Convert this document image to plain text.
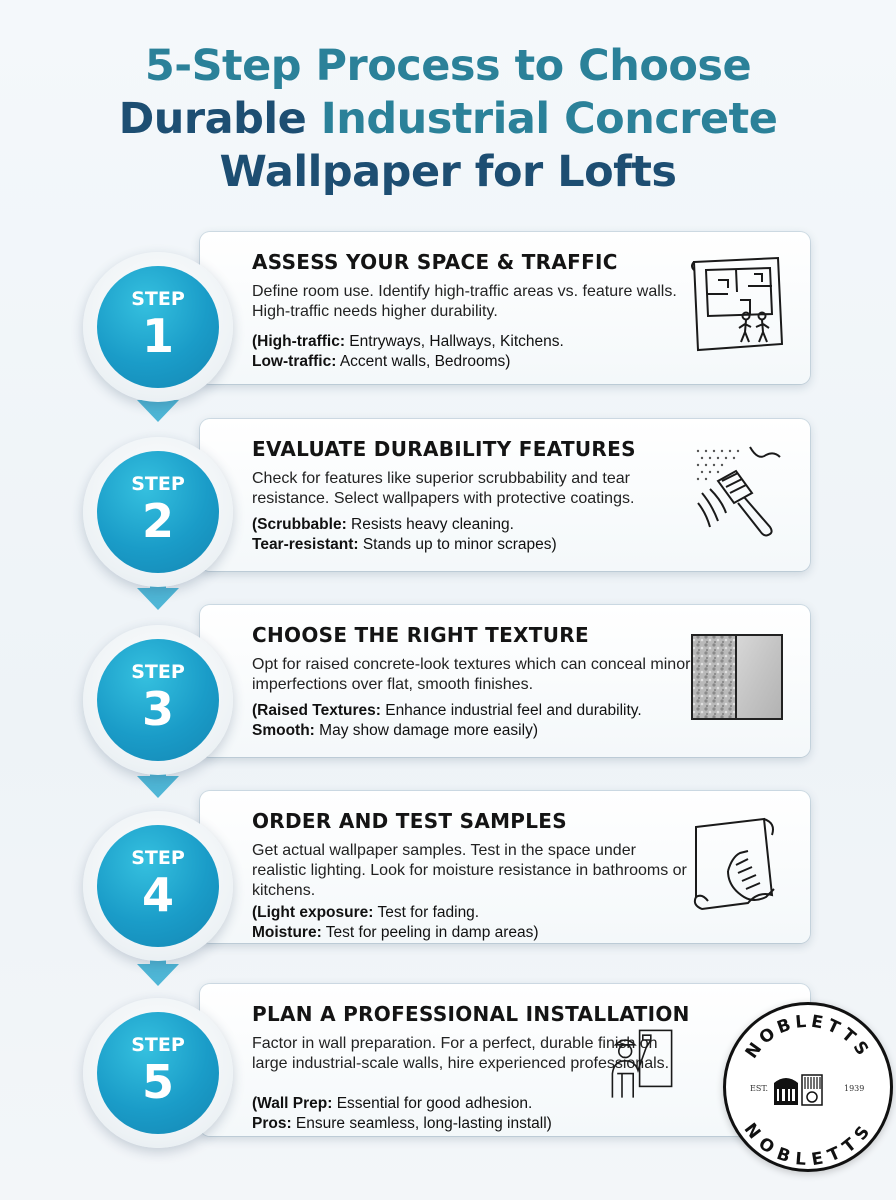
5-Step Process to Choose
Durable Industrial Concrete
Wallpaper for Lofts
ASSESS YOUR SPACE & TRAFFIC
Define room use. Identify high-traffic areas vs. feature walls. High-traffic needs higher durability.
(High-traffic: Entryways, Hallways, Kitchens.
Low-traffic: Accent walls, Bedrooms)
STEP
1
EVALUATE DURABILITY FEATURES
Check for features like superior scrubbability and tear resistance. Select wallpapers with protective coatings.
(Scrubbable: Resists heavy cleaning.
Tear-resistant: Stands up to minor scrapes)
STEP
2
CHOOSE THE RIGHT TEXTURE
Opt for raised concrete-look textures which can conceal minor imperfections over flat, smooth finishes.
(Raised Textures: Enhance industrial feel and durability.
Smooth: May show damage more easily)
STEP
3
ORDER AND TEST SAMPLES
Get actual wallpaper samples. Test in the space under realistic lighting. Look for moisture resistance in bathrooms or kitchens.
(Light exposure: Test for fading.
Moisture: Test for peeling in damp areas)
STEP
4
PLAN A PROFESSIONAL INSTALLATION
Factor in wall preparation. For a perfect, durable finish on large industrial-scale walls, hire experienced professionals.
(Wall Prep: Essential for good adhesion.
Pros: Ensure seamless, long-lasting install)
STEP
5
NOBLETTS
NOBLETTS
EST.	1939
